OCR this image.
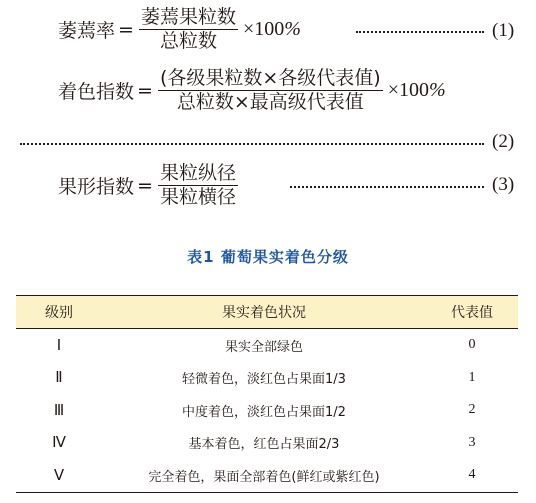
萎蔫率 = $\frac{\text{萎蔫果粒数}}{\text{总粒数}} \times 100\%$	(1)
着色指数 = $\frac{\text{(各级果粒数×各级代表值)}}{\text{总粒数×最高级代表值}} \times 100\%$
(2)
果形指数 = $\frac{\text{果粒纵径}}{\text{果粒横径}}$	(3)
表1 葡萄果实着色分级
级别	果实着色状况	代表值
Ⅰ	果实全部绿色	0
Ⅱ	轻微着色，淡红色占果面1/3	1
Ⅲ	中度着色，淡红色占果面1/2	2
Ⅳ	基本着色，红色占果面2/3	3
Ⅴ	完全着色，果面全部着色(鲜红或紫红色)	4
